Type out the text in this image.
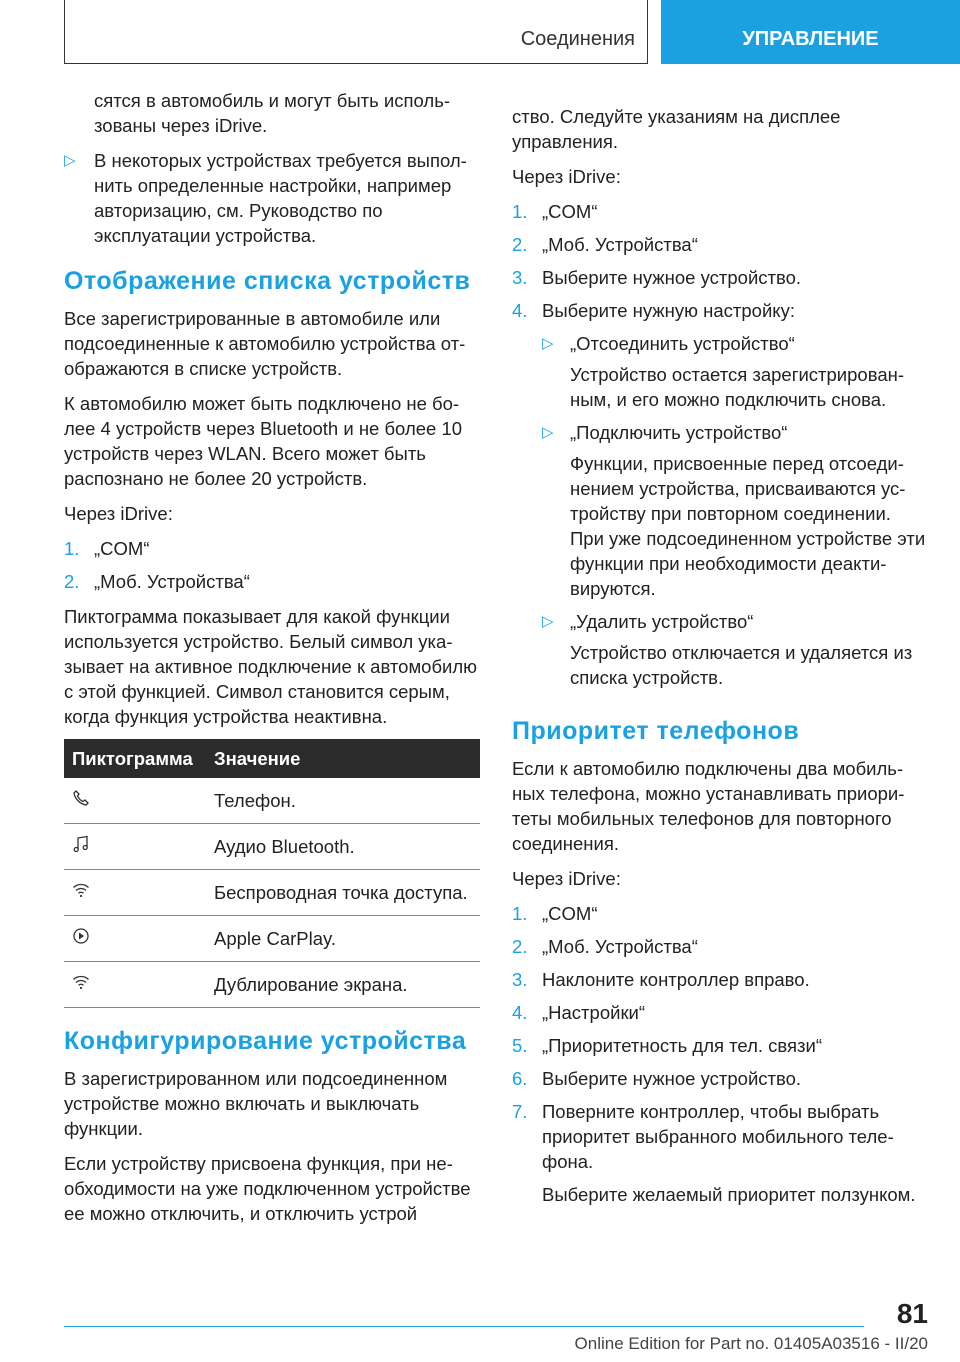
Соединения	УПРАВЛЕНИЕ

сятся в автомобиль и могут быть использованы через iDrive.

▷ В некоторых устройствах требуется выполнить определенные настройки, например авторизацию, см. Руководство по эксплуатации устройства.
Отображение списка устройств

Все зарегистрированные в автомобиле или подсоединенные к автомобилю устройства отображаются в списке устройств.

К автомобилю может быть подключено не более 4 устройств через Bluetooth и не более 10 устройств через WLAN. Всего может быть распознано не более 20 устройств.

Через iDrive:

1. „COM“
2. „Моб. Устройства“

Пиктограмма показывает для какой функции используется устройство. Белый символ указывает на активное подключение к автомобилю с этой функцией. Символ становится серым, когда функция устройства неактивна.

Пиктограмма	Значение
	Телефон.
	Аудио Bluetooth.
	Беспроводная точка доступа.
	Apple CarPlay.
	Дублирование экрана.
Конфигурирование устройства

В зарегистрированном или подсоединенном устройстве можно включать и выключать функции.

Если устройству присвоена функция, при необходимости на уже подключенном устройстве ее можно отключить, и отключить устрой

ство. Следуйте указаниям на дисплее управления.

Через iDrive:

1. „COM“
2. „Моб. Устройства“
3. Выберите нужное устройство.
4. Выберите нужную настройку:
▷ „Отсоединить устройство“
Устройство остается зарегистрированным, и его можно подключить снова.
▷ „Подключить устройство“
Функции, присвоенные перед отсоединением устройства, присваиваются устройству при повторном соединении. При уже подсоединенном устройстве эти функции при необходимости деактивируются.
▷ „Удалить устройство“
Устройство отключается и удаляется из списка устройств.
Приоритет телефонов

Если к автомобилю подключены два мобильных телефона, можно устанавливать приоритеты мобильных телефонов для повторного соединения.

Через iDrive:

1. „COM“
2. „Моб. Устройства“
3. Наклоните контроллер вправо.
4. „Настройки“
5. „Приоритетность для тел. связи“
6. Выберите нужное устройство.
7. Поверните контроллер, чтобы выбрать приоритет выбранного мобильного телефона.
Выберите желаемый приоритет ползунком.
81
Online Edition for Part no. 01405A03516 - II/20
